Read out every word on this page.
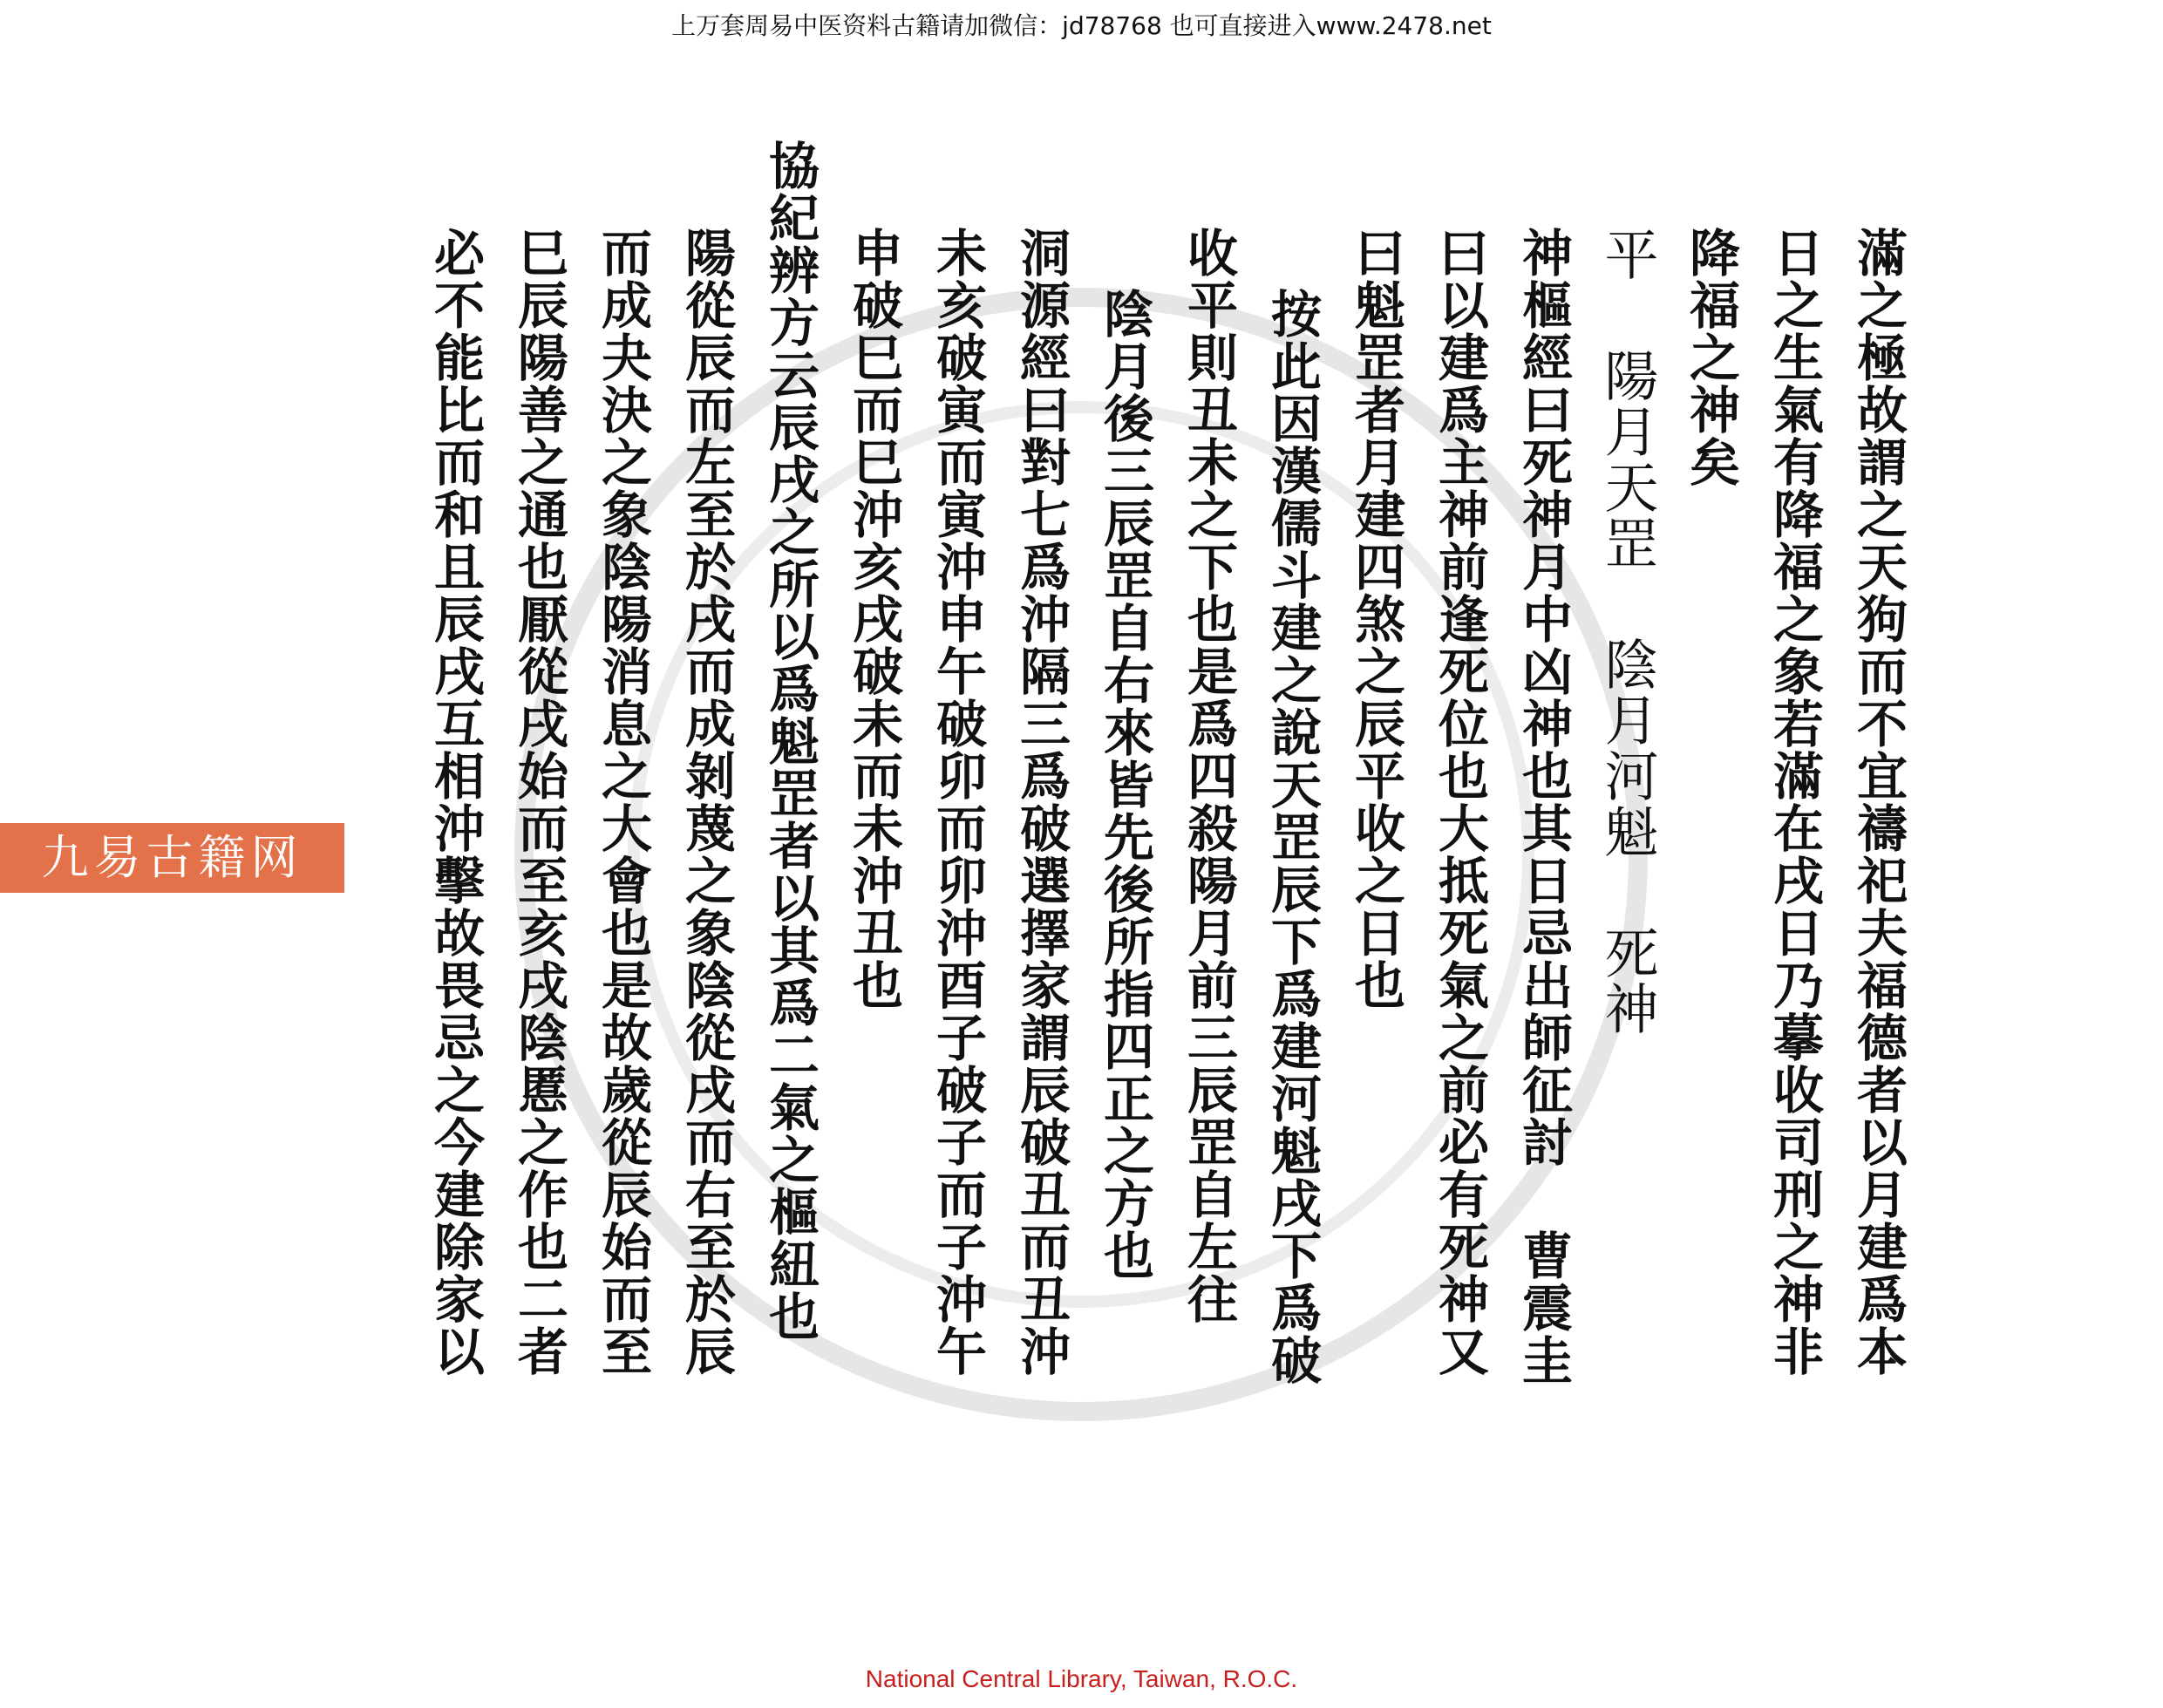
上万套周易中医资料古籍请加微信：jd78768 也可直接进入www.2478.net
滿之極故謂之天狗而不宜禱祀夫福德者以月建爲本
日之生氣有降福之象若滿在戌日乃摹收司刑之神非
降福之神矣
平 陽月天罡 陰月河魁 死神
神樞經曰死神月中凶神也其日忌出師征討 曹震圭
曰以建爲主神前逢死位也大抵死氣之前必有死神又
曰魁罡者月建四煞之辰平收之日也
按此因漢儒斗建之說天罡辰下爲建河魁戌下爲破
收平則丑未之下也是爲四殺陽月前三辰罡自左往
陰月後三辰罡自右來皆先後所指四正之方也
洞源經曰對七爲沖隔三爲破選擇家謂辰破丑而丑沖
未亥破寅而寅沖申午破卯而卯沖酉子破子而子沖午
申破巳而巳沖亥戌破未而未沖丑也
協紀辨方云辰戌之所以爲魁罡者以其爲二氣之樞紐也
陽從辰而左至於戌而成剝蔑之象陰從戌而右至於辰
而成夬決之象陰陽消息之大會也是故歲從辰始而至
巳辰陽善之通也厭從戌始而至亥戌陰慝之作也二者
必不能比而和且辰戌互相沖擊故畏忌之今建除家以
九易古籍网
National Central Library, Taiwan, R.O.C.
